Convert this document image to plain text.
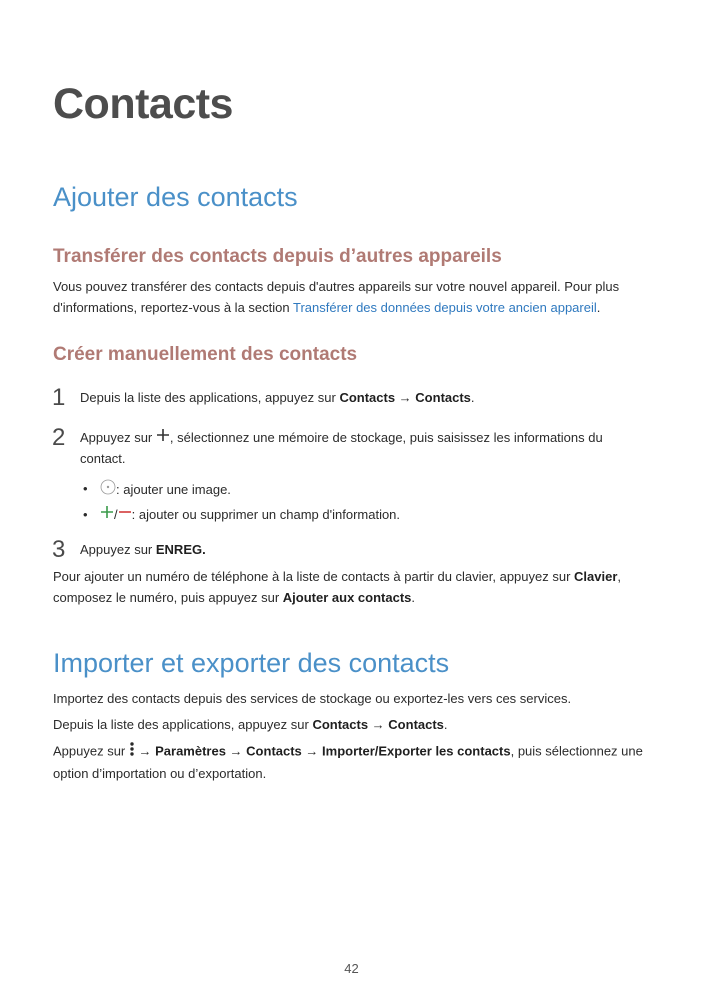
Contacts
Ajouter des contacts
Transférer des contacts depuis d’autres appareils

Vous pouvez transférer des contacts depuis d'autres appareils sur votre nouvel appareil. Pour plus d'informations, reportez-vous à la section Transférer des données depuis votre ancien appareil.

Créer manuellement des contacts
1 Depuis la liste des applications, appuyez sur Contacts → Contacts.
2 Appuyez sur , sélectionnez une mémoire de stockage, puis saisissez les informations du contact.
• : ajouter une image.
• / : ajouter ou supprimer un champ d'information.
3 Appuyez sur ENREG.

Pour ajouter un numéro de téléphone à la liste de contacts à partir du clavier, appuyez sur Clavier, composez le numéro, puis appuyez sur Ajouter aux contacts.

Importer et exporter des contacts

Importez des contacts depuis des services de stockage ou exportez-les vers ces services.

Depuis la liste des applications, appuyez sur Contacts → Contacts.

Appuyez sur  → Paramètres → Contacts → Importer/Exporter les contacts, puis sélectionnez une option d’importation ou d’exportation.

42
